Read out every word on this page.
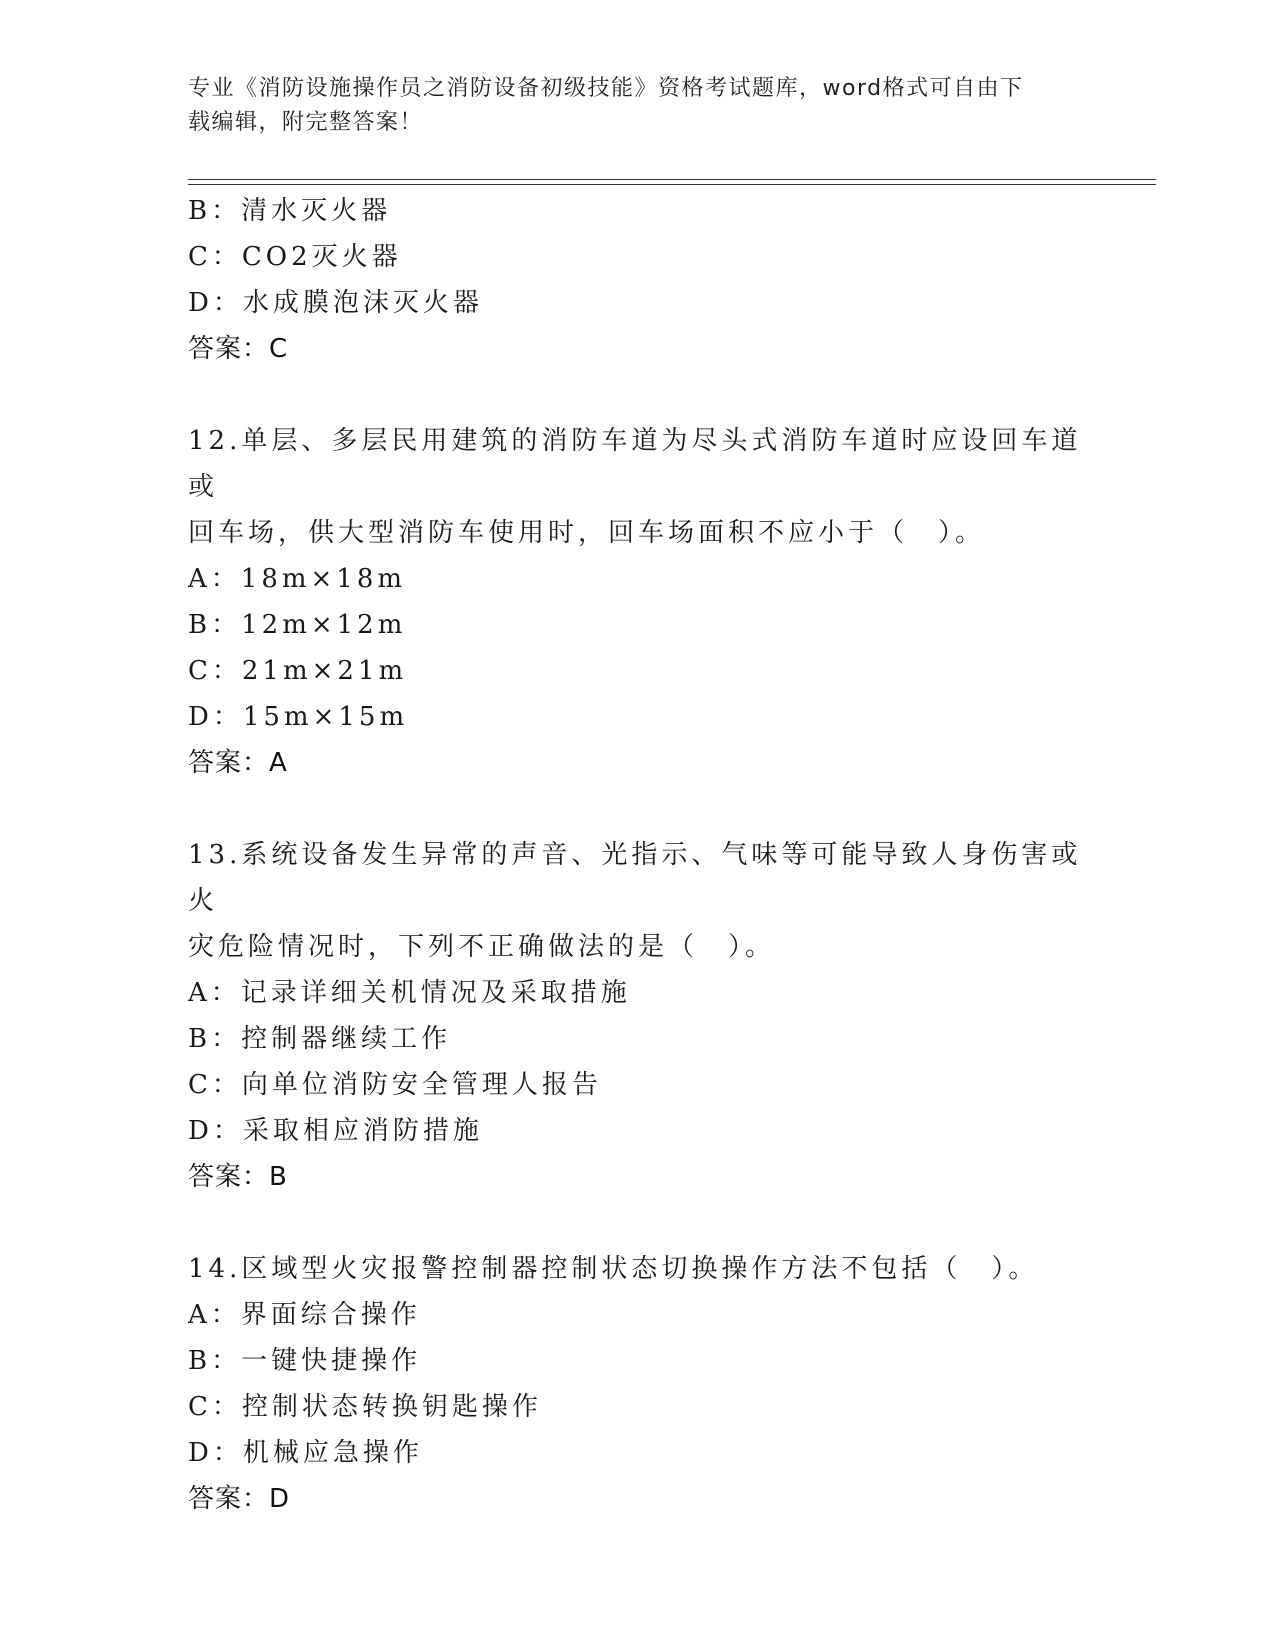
专业《消防设施操作员之消防设备初级技能》资格考试题库，word格式可自由下
载编辑，附完整答案！
B：清水灭火器
C：CO2灭火器
D：水成膜泡沫灭火器
答案：C
12.单层、多层民用建筑的消防车道为尽头式消防车道时应设回车道或
回车场，供大型消防车使用时，回车场面积不应小于（　）。
A：18m×18m
B：12m×12m
C：21m×21m
D：15m×15m
答案：A
13.系统设备发生异常的声音、光指示、气味等可能导致人身伤害或火
灾危险情况时，下列不正确做法的是（　）。
A：记录详细关机情况及采取措施
B：控制器继续工作
C：向单位消防安全管理人报告
D：采取相应消防措施
答案：B
14.区域型火灾报警控制器控制状态切换操作方法不包括（　）。
A：界面综合操作
B：一键快捷操作
C：控制状态转换钥匙操作
D：机械应急操作
答案：D
